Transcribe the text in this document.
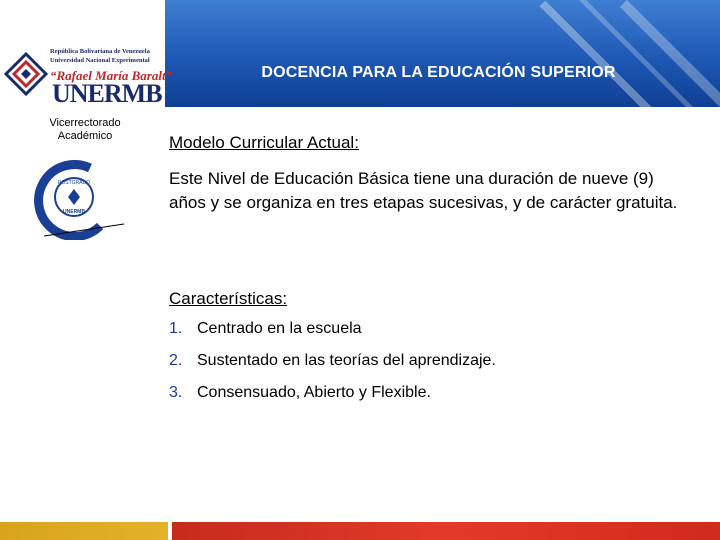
DOCENCIA PARA LA EDUCACIÓN SUPERIOR
República Bolivariana de Venezuela
Universidad Nacional Experimental
“Rafael María Baralt”
UNERMB
Vicerrectorado
Académico
POSTGRADO
UNERMB
Modelo Curricular Actual:
Este Nivel de Educación Básica tiene una duración de nueve (9) años y se organiza en tres etapas sucesivas, y de carácter gratuita.
Características:
1. Centrado en la escuela
2. Sustentado en las teorías del aprendizaje.
3. Consensuado, Abierto y Flexible.
